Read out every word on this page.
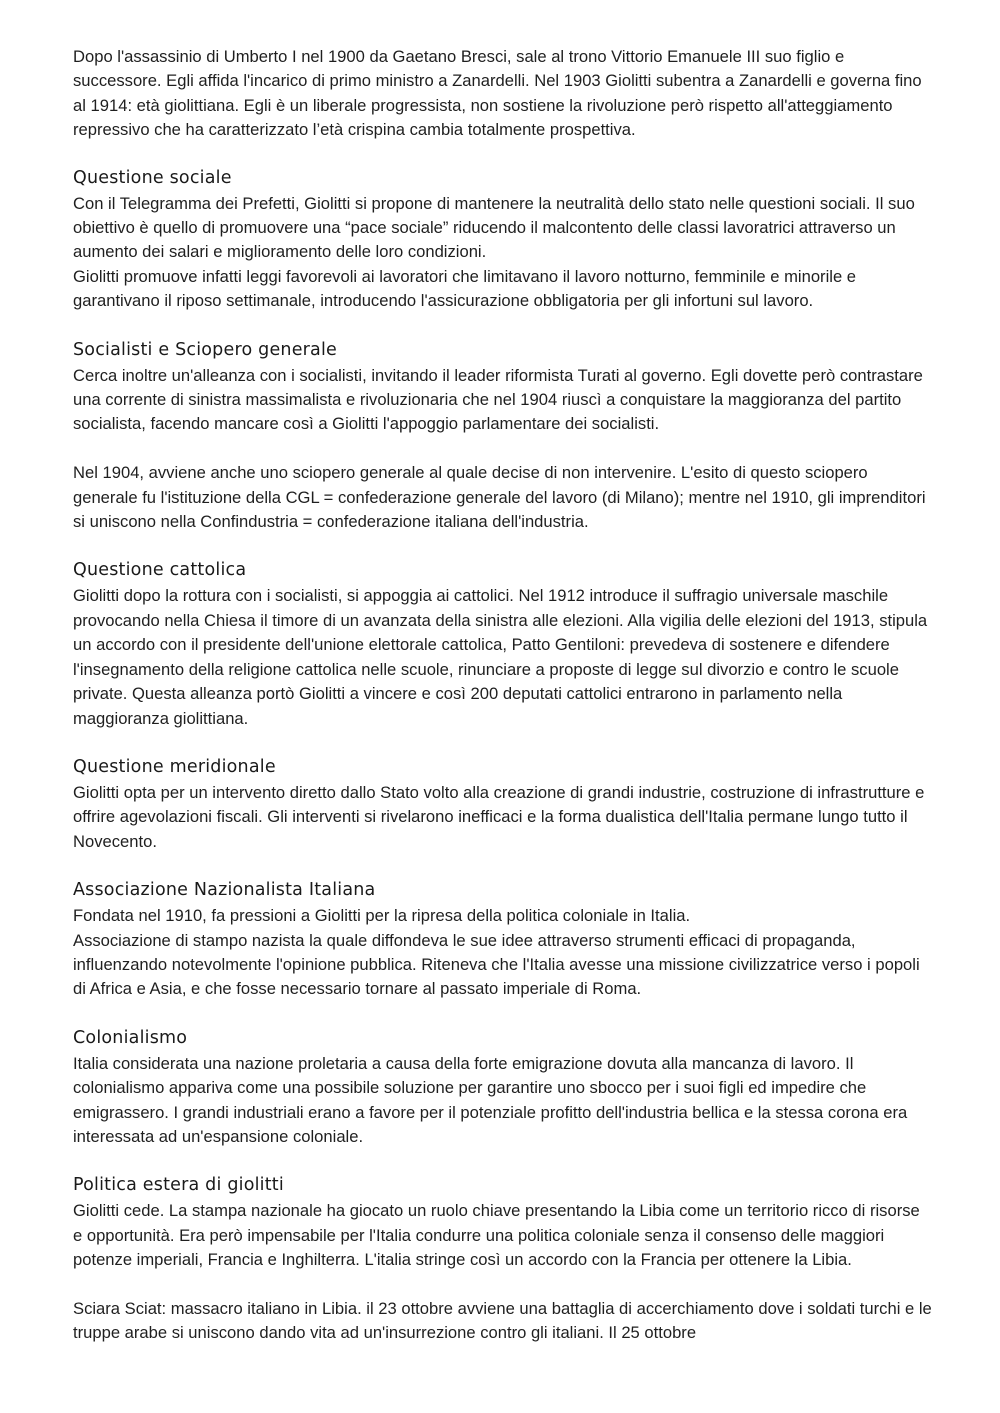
Dopo l'assassinio di Umberto I nel 1900 da Gaetano Bresci, sale al trono Vittorio Emanuele III suo figlio e successore. Egli affida l'incarico di primo ministro a Zanardelli. Nel 1903 Giolitti subentra a Zanardelli e governa fino al 1914: età giolittiana. Egli è un liberale progressista, non sostiene la rivoluzione però rispetto all'atteggiamento repressivo che ha caratterizzato l’età crispina cambia totalmente prospettiva.

Questione sociale

Con il Telegramma dei Prefetti, Giolitti si propone di mantenere la neutralità dello stato nelle questioni sociali. Il suo obiettivo è quello di promuovere una “pace sociale” riducendo il malcontento delle classi lavoratrici attraverso un aumento dei salari e miglioramento delle loro condizioni.

Giolitti promuove infatti leggi favorevoli ai lavoratori che limitavano il lavoro notturno, femminile e minorile e garantivano il riposo settimanale, introducendo l'assicurazione obbligatoria per gli infortuni sul lavoro.

Socialisti e Sciopero generale

Cerca inoltre un'alleanza con i socialisti, invitando il leader riformista Turati al governo. Egli dovette però contrastare una corrente di sinistra massimalista e rivoluzionaria che nel 1904 riuscì a conquistare la maggioranza del partito socialista, facendo mancare così a Giolitti l'appoggio parlamentare dei socialisti.

Nel 1904, avviene anche uno sciopero generale al quale decise di non intervenire. L'esito di questo sciopero generale fu l'istituzione della CGL = confederazione generale del lavoro (di Milano); mentre nel 1910, gli imprenditori si uniscono nella Confindustria = confederazione italiana dell'industria.

Questione cattolica

Giolitti dopo la rottura con i socialisti, si appoggia ai cattolici. Nel 1912 introduce il suffragio universale maschile provocando nella Chiesa il timore di un avanzata della sinistra alle elezioni. Alla vigilia delle elezioni del 1913, stipula un accordo con il presidente dell'unione elettorale cattolica, Patto Gentiloni: prevedeva di sostenere e difendere l'insegnamento della religione cattolica nelle scuole, rinunciare a proposte di legge sul divorzio e contro le scuole private. Questa alleanza portò Giolitti a vincere e così 200 deputati cattolici entrarono in parlamento nella maggioranza giolittiana.

Questione meridionale

Giolitti opta per un intervento diretto dallo Stato volto alla creazione di grandi industrie, costruzione di infrastrutture e offrire agevolazioni fiscali. Gli interventi si rivelarono inefficaci e la forma dualistica dell'Italia permane lungo tutto il Novecento.

Associazione Nazionalista Italiana

Fondata nel 1910, fa pressioni a Giolitti per la ripresa della politica coloniale in Italia.

Associazione di stampo nazista la quale diffondeva le sue idee attraverso strumenti efficaci di propaganda, influenzando notevolmente l'opinione pubblica. Riteneva che l'Italia avesse una missione civilizzatrice verso i popoli di Africa e Asia, e che fosse necessario tornare al passato imperiale di Roma.

Colonialismo

Italia considerata una nazione proletaria a causa della forte emigrazione dovuta alla mancanza di lavoro. Il colonialismo appariva come una possibile soluzione per garantire uno sbocco per i suoi figli ed impedire che emigrassero. I grandi industriali erano a favore per il potenziale profitto dell'industria bellica e la stessa corona era interessata ad un'espansione coloniale.

Politica estera di giolitti

Giolitti cede. La stampa nazionale ha giocato un ruolo chiave presentando la Libia come un territorio ricco di risorse e opportunità. Era però impensabile per l'Italia condurre una politica coloniale senza il consenso delle maggiori potenze imperiali, Francia e Inghilterra. L'italia stringe così un accordo con la Francia per ottenere la Libia.

Sciara Sciat: massacro italiano in Libia. il 23 ottobre avviene una battaglia di accerchiamento dove i soldati turchi e le truppe arabe si uniscono dando vita ad un'insurrezione contro gli italiani. Il 25 ottobre
